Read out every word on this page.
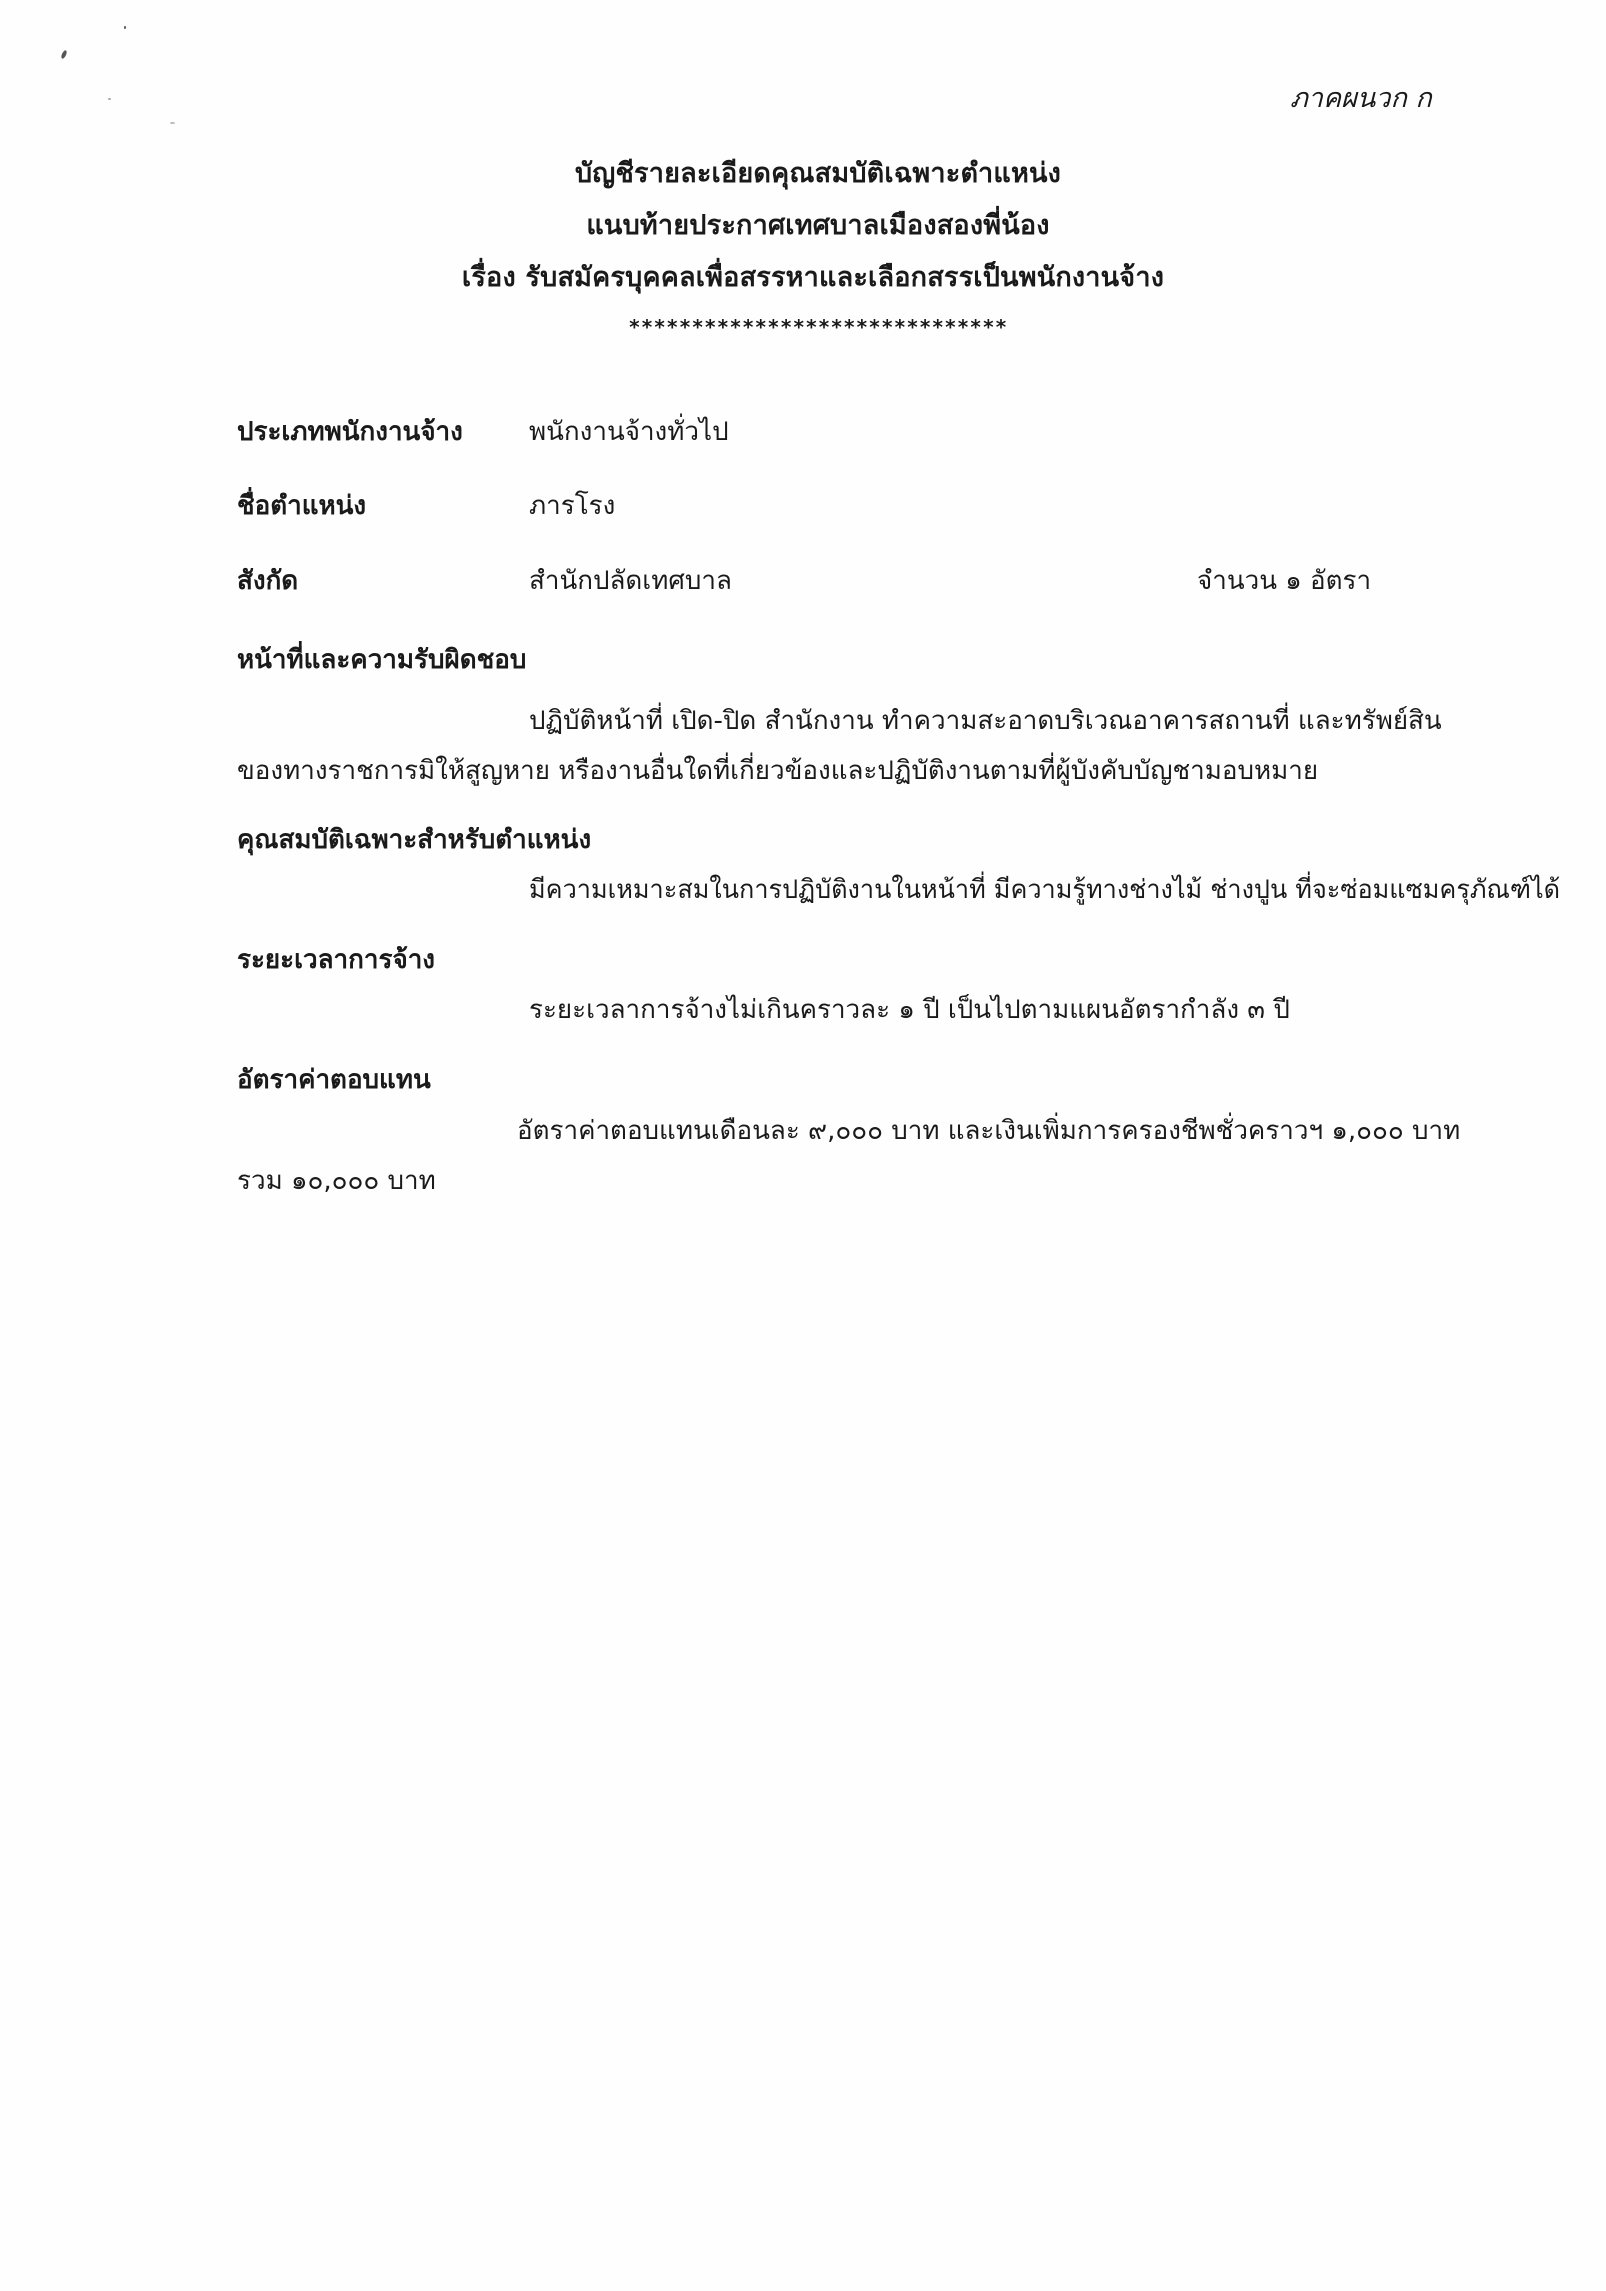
ภาคผนวก ก
บัญชีรายละเอียดคุณสมบัติเฉพาะตำแหน่ง
แนบท้ายประกาศเทศบาลเมืองสองพี่น้อง
เรื่อง รับสมัครบุคคลเพื่อสรรหาและเลือกสรรเป็นพนักงานจ้าง
******************************
ประเภทพนักงานจ้าง	พนักงานจ้างทั่วไป
ชื่อตำแหน่ง	ภารโรง
สังกัด	สำนักปลัดเทศบาล	จำนวน ๑ อัตรา
หน้าที่และความรับผิดชอบ
ปฏิบัติหน้าที่ เปิด-ปิด สำนักงาน ทำความสะอาดบริเวณอาคารสถานที่ และทรัพย์สิน
ของทางราชการมิให้สูญหาย หรืองานอื่นใดที่เกี่ยวข้องและปฏิบัติงานตามที่ผู้บังคับบัญชามอบหมาย
คุณสมบัติเฉพาะสำหรับตำแหน่ง
มีความเหมาะสมในการปฏิบัติงานในหน้าที่ มีความรู้ทางช่างไม้ ช่างปูน ที่จะซ่อมแซมครุภัณฑ์ได้
ระยะเวลาการจ้าง
ระยะเวลาการจ้างไม่เกินคราวละ ๑ ปี เป็นไปตามแผนอัตรากำลัง ๓ ปี
อัตราค่าตอบแทน
อัตราค่าตอบแทนเดือนละ ๙,๐๐๐ บาท และเงินเพิ่มการครองชีพชั่วคราวฯ ๑,๐๐๐ บาท
รวม ๑๐,๐๐๐ บาท
